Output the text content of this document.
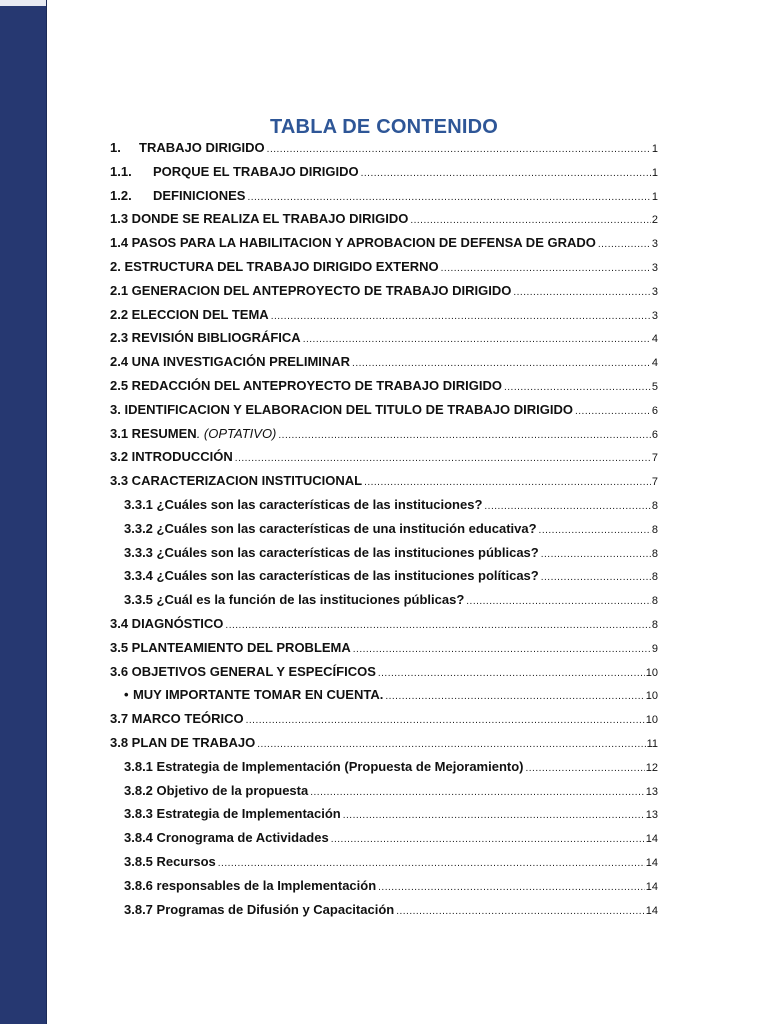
TABLA DE CONTENIDO
1.	TRABAJO DIRIGIDO .....	1
1.1.	PORQUE EL TRABAJO DIRIGIDO .....	1
1.2.	DEFINICIONES .....	1
1.3 DONDE SE REALIZA EL TRABAJO DIRIGIDO .....	2
1.4 PASOS PARA LA HABILITACION Y APROBACION DE DEFENSA DE GRADO .....	3
2. ESTRUCTURA DEL TRABAJO DIRIGIDO EXTERNO .....	3
2.1 GENERACION DEL ANTEPROYECTO DE TRABAJO DIRIGIDO .....	3
2.2 ELECCION DEL TEMA .....	3
2.3 REVISIÓN BIBLIOGRÁFICA .....	4
2.4 UNA INVESTIGACIÓN PRELIMINAR .....	4
2.5 REDACCIÓN DEL ANTEPROYECTO DE TRABAJO DIRIGIDO .....	5
3. IDENTIFICACION Y ELABORACION DEL TITULO DE TRABAJO DIRIGIDO .....	6
3.1 RESUMEN . (OPTATIVO) .....	6
3.2 INTRODUCCIÓN .....	7
3.3 CARACTERIZACION INSTITUCIONAL .....	7
3.3.1 ¿Cuáles son las características de las instituciones? .....	8
3.3.2 ¿Cuáles son las características de una institución educativa? .....	8
3.3.3 ¿Cuáles son las características de las instituciones públicas? .....	8
3.3.4 ¿Cuáles son las características de las instituciones políticas? .....	8
3.3.5 ¿Cuál es la función de las instituciones públicas? .....	8
3.4 DIAGNÓSTICO .....	8
3.5 PLANTEAMIENTO DEL PROBLEMA .....	9
3.6 OBJETIVOS GENERAL Y ESPECÍFICOS .....	10
• MUY IMPORTANTE TOMAR EN CUENTA. .....	10
3.7 MARCO TEÓRICO .....	10
3.8 PLAN DE TRABAJO .....	11
3.8.1 Estrategia de Implementación (Propuesta de Mejoramiento) .....	12
3.8.2 Objetivo de la propuesta .....	13
3.8.3 Estrategia de Implementación .....	13
3.8.4 Cronograma de Actividades .....	14
3.8.5 Recursos .....	14
3.8.6 responsables de la Implementación .....	14
3.8.7 Programas de Difusión y Capacitación .....	14
